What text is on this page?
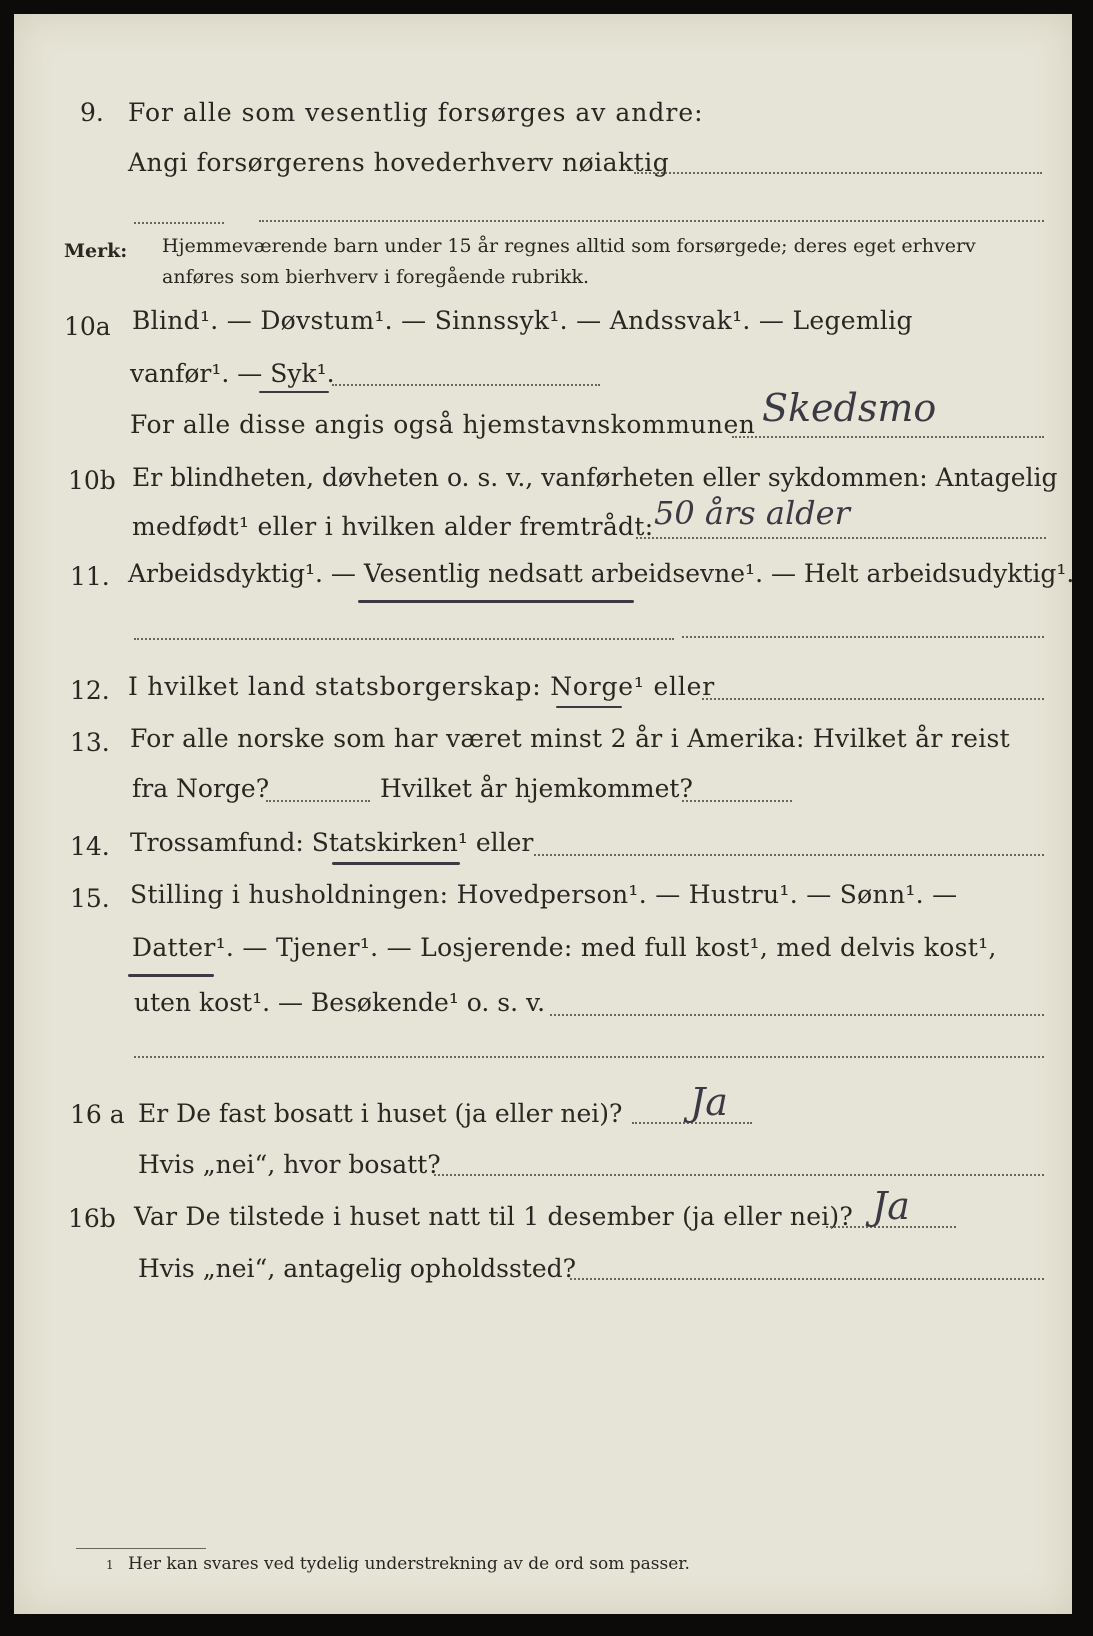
9. For alle som vesentlig forsørges av andre:
Angi forsørgerens hovederhverv nøiaktig
Merk: Hjemmeværende barn under 15 år regnes alltid som forsørgede; deres eget erhverv
anføres som bierhverv i foregående rubrikk.
10a Blind¹. — Døvstum¹. — Sinnssyk¹. — Andssvak¹. — Legemlig
vanfør¹. — Syk¹.
For alle disse angis også hjemstavnskommunen Skedsmo
10b Er blindheten, døvheten o. s. v., vanførheten eller sykdommen: Antagelig
medfødt¹ eller i hvilken alder fremtrådt: 50 års alder
11. Arbeidsdyktig¹. — Vesentlig nedsatt arbeidsevne¹. — Helt arbeidsudyktig¹.
12. I hvilket land statsborgerskap: Norge¹ eller
13. For alle norske som har været minst 2 år i Amerika: Hvilket år reist
fra Norge?	Hvilket år hjemkommet?
14. Trossamfund: Statskirken¹ eller
15. Stilling i husholdningen: Hovedperson¹. — Hustru¹. — Sønn¹. —
Datter¹. — Tjener¹. — Losjerende: med full kost¹, med delvis kost¹,
uten kost¹. — Besøkende¹ o. s. v.
16 a Er De fast bosatt i huset (ja eller nei)? Ja
Hvis „nei“, hvor bosatt?
16b Var De tilstede i huset natt til 1 desember (ja eller nei)? Ja
Hvis „nei“, antagelig opholdssted?
1 Her kan svares ved tydelig understrekning av de ord som passer.
